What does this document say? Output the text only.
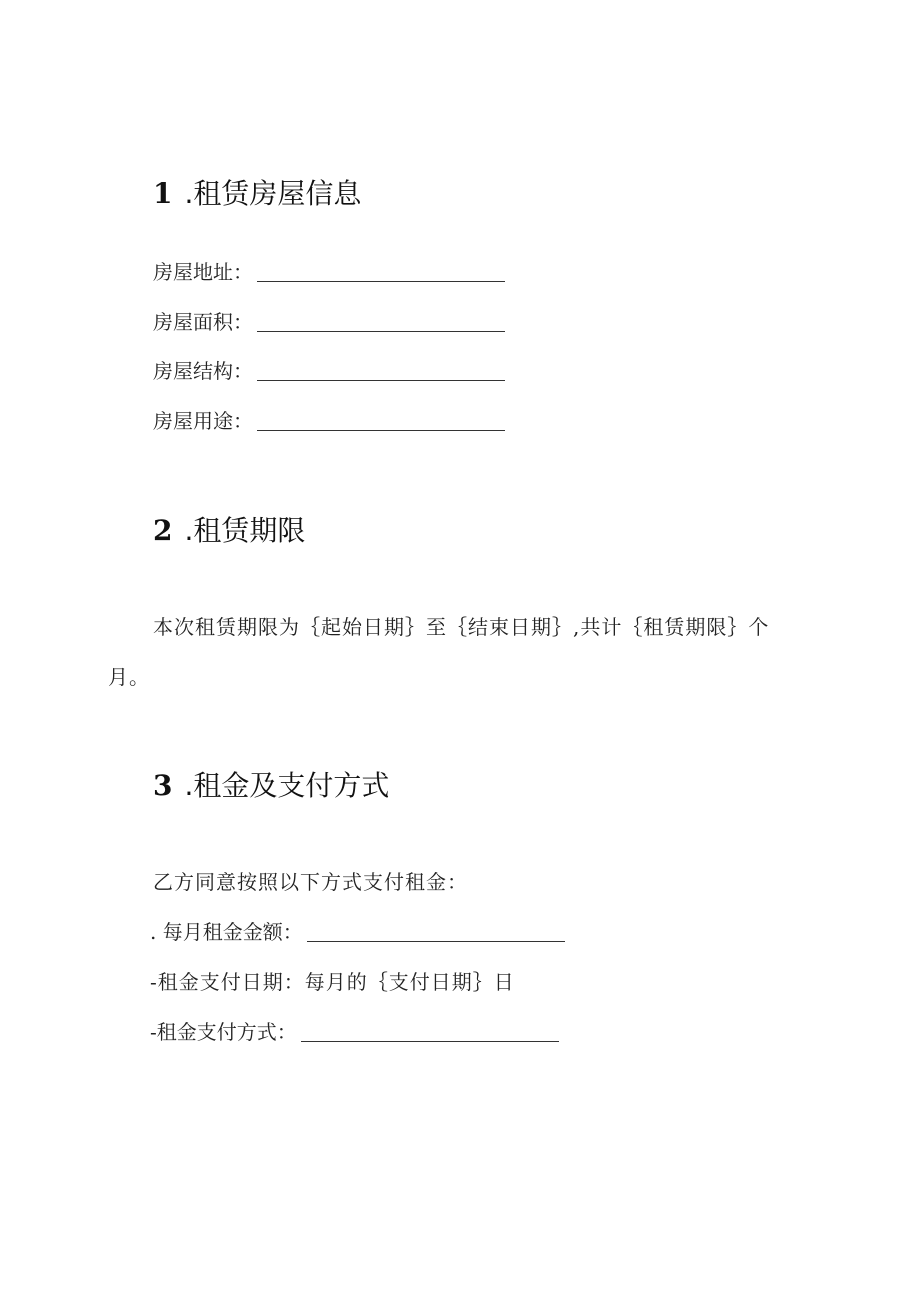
1 .租赁房屋信息
房屋地址：
房屋面积：
房屋结构：
房屋用途：
2 .租赁期限
本次租赁期限为｛起始日期｝至｛结束日期｝,共计｛租赁期限｝个
月。
3 .租金及支付方式
乙方同意按照以下方式支付租金：
. 每月租金金额：
-租金支付日期：每月的｛支付日期｝日
-租金支付方式：
